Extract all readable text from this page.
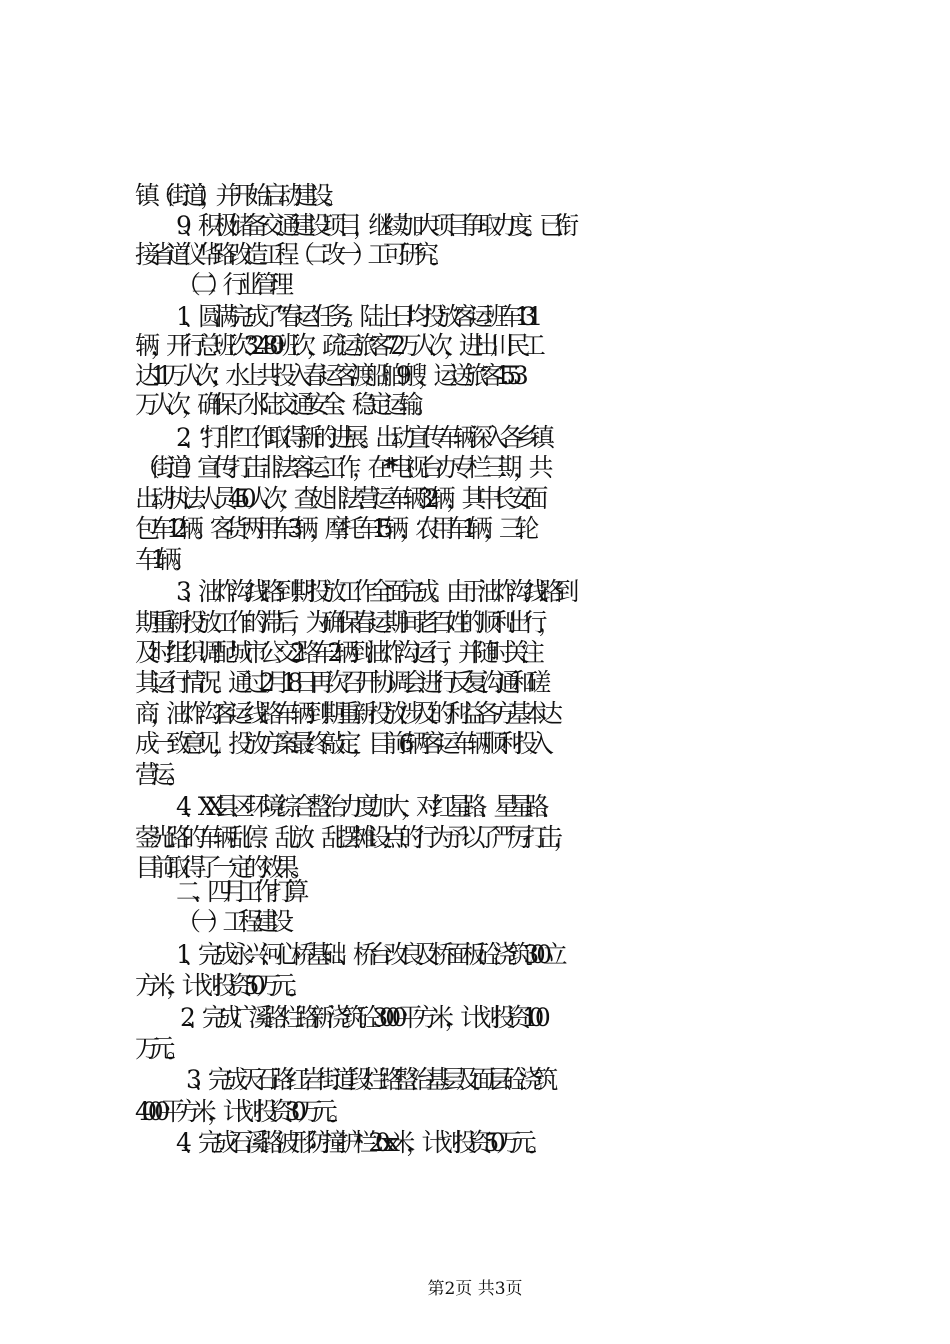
镇（街道），并开始启动建设。
9、积极储备交通建设项目，继续加大项目争取力度。已衔
接省道仪华路改造工程（二改一）工可研究。
（二）行业管理
1、圆满完成了“春运”任务。陆上日均投放客运班车131
辆，开行总班次32480班次，疏运旅客72万人次，进出川民工
达11万人次；水上共投入春运客渡船舶9艘，运送旅客1.553
万人次，确保了水陆交通安全、稳定运输。
2、“打非”工作取得新的进展。出动宣传车辆深入各乡镇
（街道）宣传打击非法客运工作，在**电视台办专栏三期，共
出动执法人员450人次，查处非法营运车辆32辆，其中长安面
包车12辆。客货两用车3辆，摩托车15辆，农用车1辆，三轮
车1辆。
3、油炸沟线路到期投放工作全面完成。由于油炸沟线路到
期重新投放工作的滞后，为确保春运期间老百姓的顺利出行，
及时组织调配城市公交2路车2辆到油炸沟运行，并随时关注
其运行情况。通过2月18日再次召开协调会进行反复沟通和磋
商，油炸沟客运线路车辆到期重新投放涉及的利益各方基本达
成一致意见，投放方案最终敲定，目前6辆客运车辆顺利投入
营运。
4、XX县区环境综合整治力度加大，对红星路、星星路、
蓥光路的车辆乱停、乱放、乱摆摊设点的行为予以了严厉打击，
目前取得了一定的效果。
二、四月工作打算
（一）工程建设
1、完成永兴河心桥基础、桥台改良及桥面板砼浇筑300立
方米，计划投资50万元。
2、完成广溪路烂路新浇筑砼3000平方米，计划投资100
万元。
3、完成天石路红岩街道段烂路整治基层及面层砼浇筑
4000平方米，计划投资30万元。
4、完成石溪路波形防撞护栏20xx米，计划投资50万元。
第2页 共3页
